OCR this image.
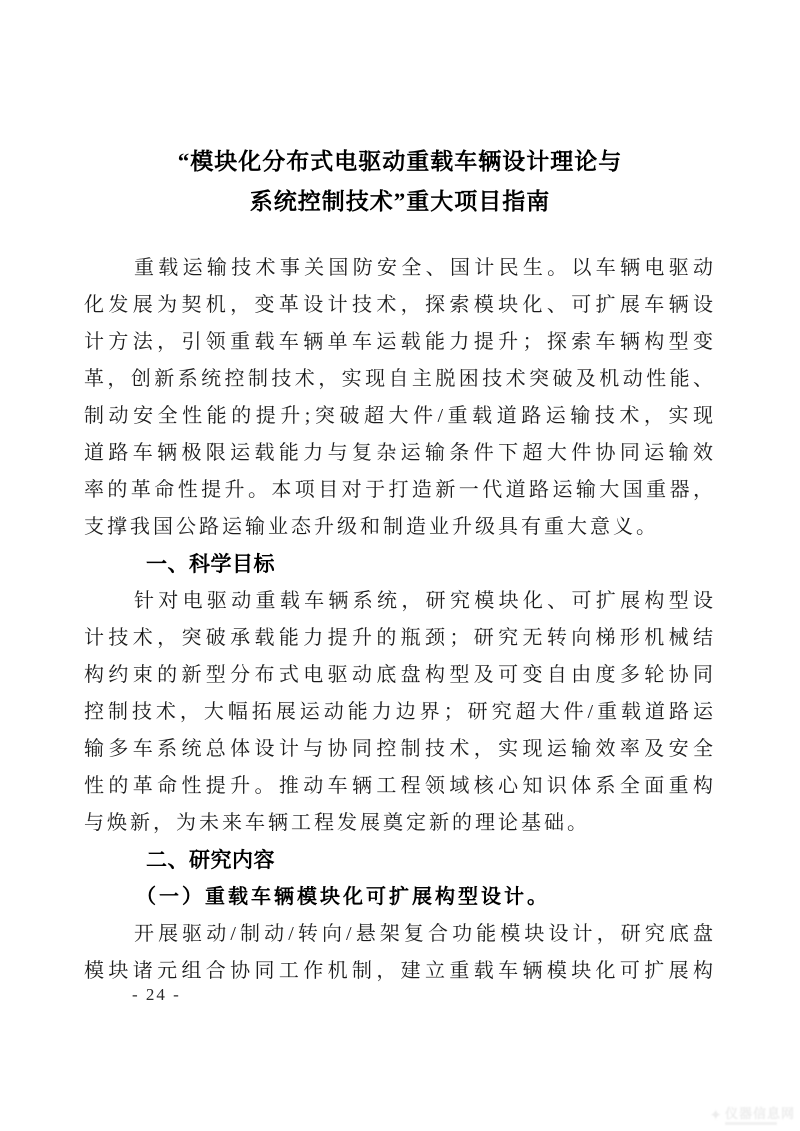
“模块化分布式电驱动重载车辆设计理论与
系统控制技术”重大项目指南
重载运输技术事关国防安全、国计民生。以车辆电驱动
化发展为契机，变革设计技术，探索模块化、可扩展车辆设
计方法，引领重载车辆单车运载能力提升；探索车辆构型变
革，创新系统控制技术，实现自主脱困技术突破及机动性能、
制动安全性能的提升;突破超大件/重载道路运输技术，实现
道路车辆极限运载能力与复杂运输条件下超大件协同运输效
率的革命性提升。本项目对于打造新一代道路运输大国重器，
支撑我国公路运输业态升级和制造业升级具有重大意义。
一、科学目标
针对电驱动重载车辆系统，研究模块化、可扩展构型设
计技术，突破承载能力提升的瓶颈；研究无转向梯形机械结
构约束的新型分布式电驱动底盘构型及可变自由度多轮协同
控制技术，大幅拓展运动能力边界；研究超大件/重载道路运
输多车系统总体设计与协同控制技术，实现运输效率及安全
性的革命性提升。推动车辆工程领域核心知识体系全面重构
与焕新，为未来车辆工程发展奠定新的理论基础。
二、研究内容
（一）重载车辆模块化可扩展构型设计。
开展驱动/制动/转向/悬架复合功能模块设计，研究底盘
模块诸元组合协同工作机制，建立重载车辆模块化可扩展构
- 24 -
✦ 仪器信息网
